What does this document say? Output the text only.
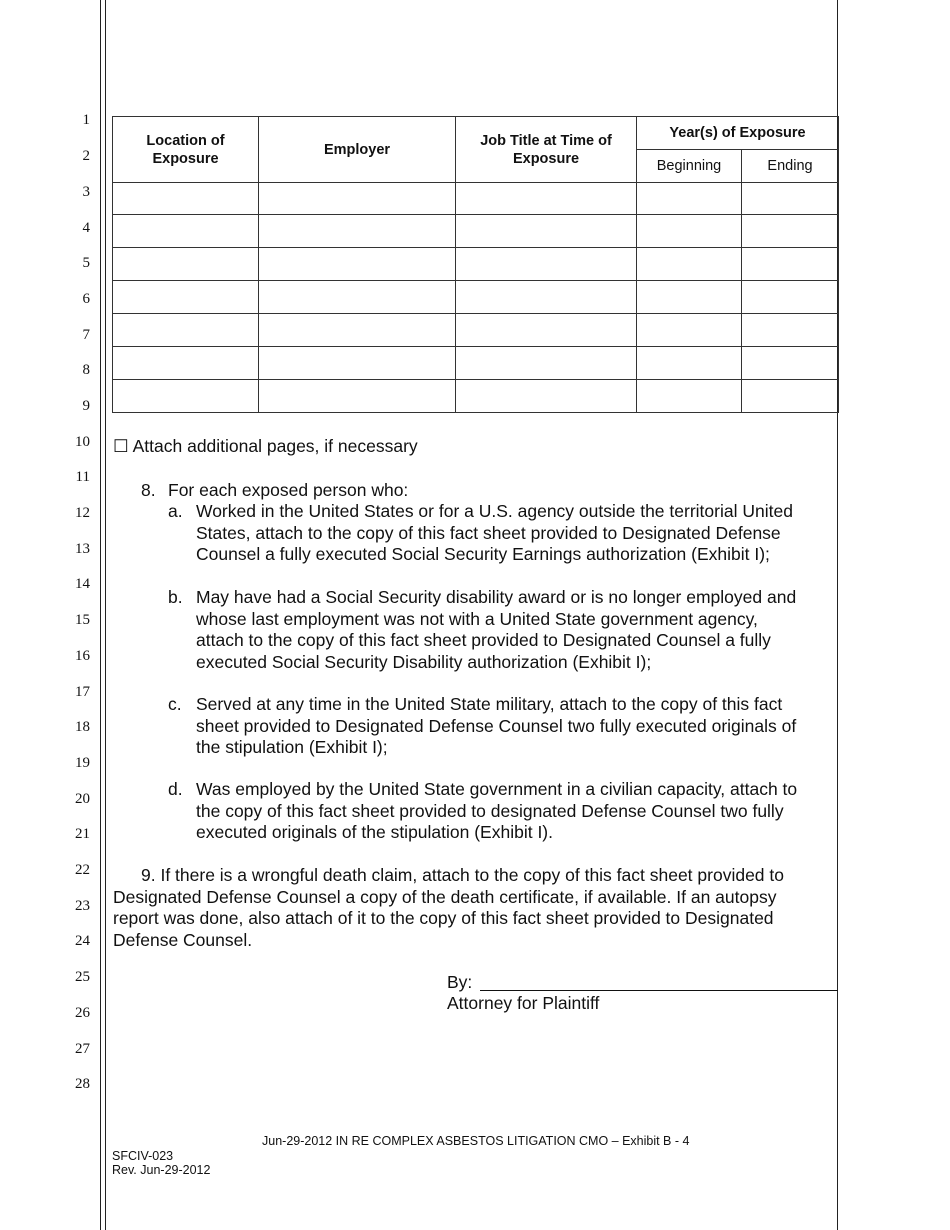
1
2
3
4
5
6
7
8
9
10
11
12
13
14
15
16
17
18
19
20
21
22
23
24
25
26
27
28
Location of Exposure	Employer	Job Title at Time of Exposure	Year(s) of Exposure	
			Beginning	Ending

☐ Attach additional pages, if necessary
8. For each exposed person who:
a. Worked in the United States or for a U.S. agency outside the territorial United
States, attach to the copy of this fact sheet provided to Designated Defense
Counsel a fully executed Social Security Earnings authorization (Exhibit I);
b. May have had a Social Security disability award or is no longer employed and
whose last employment was not with a United State government agency,
attach to the copy of this fact sheet provided to Designated Counsel a fully
executed Social Security Disability authorization (Exhibit I);
c. Served at any time in the United State military, attach to the copy of this fact
sheet provided to Designated Defense Counsel two fully executed originals of
the stipulation (Exhibit I);
d. Was employed by the United State government in a civilian capacity, attach to
the copy of this fact sheet provided to designated Defense Counsel two fully
executed originals of the stipulation (Exhibit I).
9. If there is a wrongful death claim, attach to the copy of this fact sheet provided to
Designated Defense Counsel a copy of the death certificate, if available. If an autopsy
report was done, also attach of it to the copy of this fact sheet provided to Designated
Defense Counsel.
By:
Attorney for Plaintiff
Jun-29-2012 IN RE COMPLEX ASBESTOS LITIGATION CMO – Exhibit B - 4
SFCIV-023
Rev. Jun-29-2012
